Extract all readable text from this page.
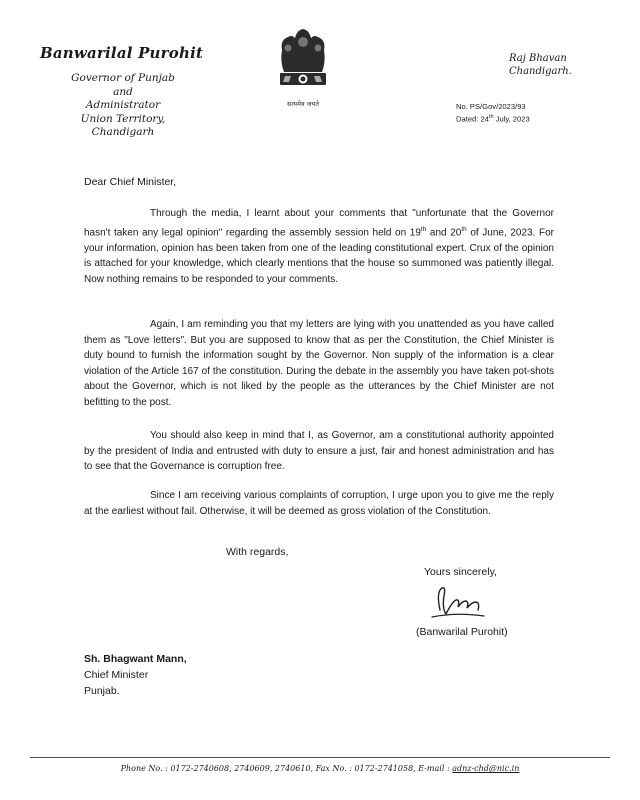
Banwarilal Purohit
Governor of Punjab
and
Administrator
Union Territory, Chandigarh
सत्यमेव जयते
Raj Bhavan
Chandigarh.
No. PS/Gov/2023/93
Dated: 24th July, 2023
Dear Chief Minister,

Through the media, I learnt about your comments that "unfortunate that the Governor hasn't taken any legal opinion" regarding the assembly session held on 19th and 20th of June, 2023. For your information, opinion has been taken from one of the leading constitutional expert. Crux of the opinion is attached for your knowledge, which clearly mentions that the house so summoned was patiently illegal. Now nothing remains to be responded to your comments.

Again, I am reminding you that my letters are lying with you unattended as you have called them as "Love letters". But you are supposed to know that as per the Constitution, the Chief Minister is duty bound to furnish the information sought by the Governor. Non supply of the information is a clear violation of the Article 167 of the constitution. During the debate in the assembly you have taken pot-shots about the Governor, which is not liked by the people as the utterances by the Chief Minister are not befitting to the post.

You should also keep in mind that I, as Governor, am a constitutional authority appointed by the president of India and entrusted with duty to ensure a just, fair and honest administration and has to see that the Governance is corruption free.

Since I am receiving various complaints of corruption, I urge upon you to give me the reply at the earliest without fail. Otherwise, it will be deemed as gross violation of the Constitution.

With regards,
Yours sincerely,
(Banwarilal Purohit)
Sh. Bhagwant Mann,
Chief Minister
Punjab.
Phone No. : 0172-2740608, 2740609, 2740610, Fax No. : 0172-2741058, E-mail : adnz-chd@nic.in
